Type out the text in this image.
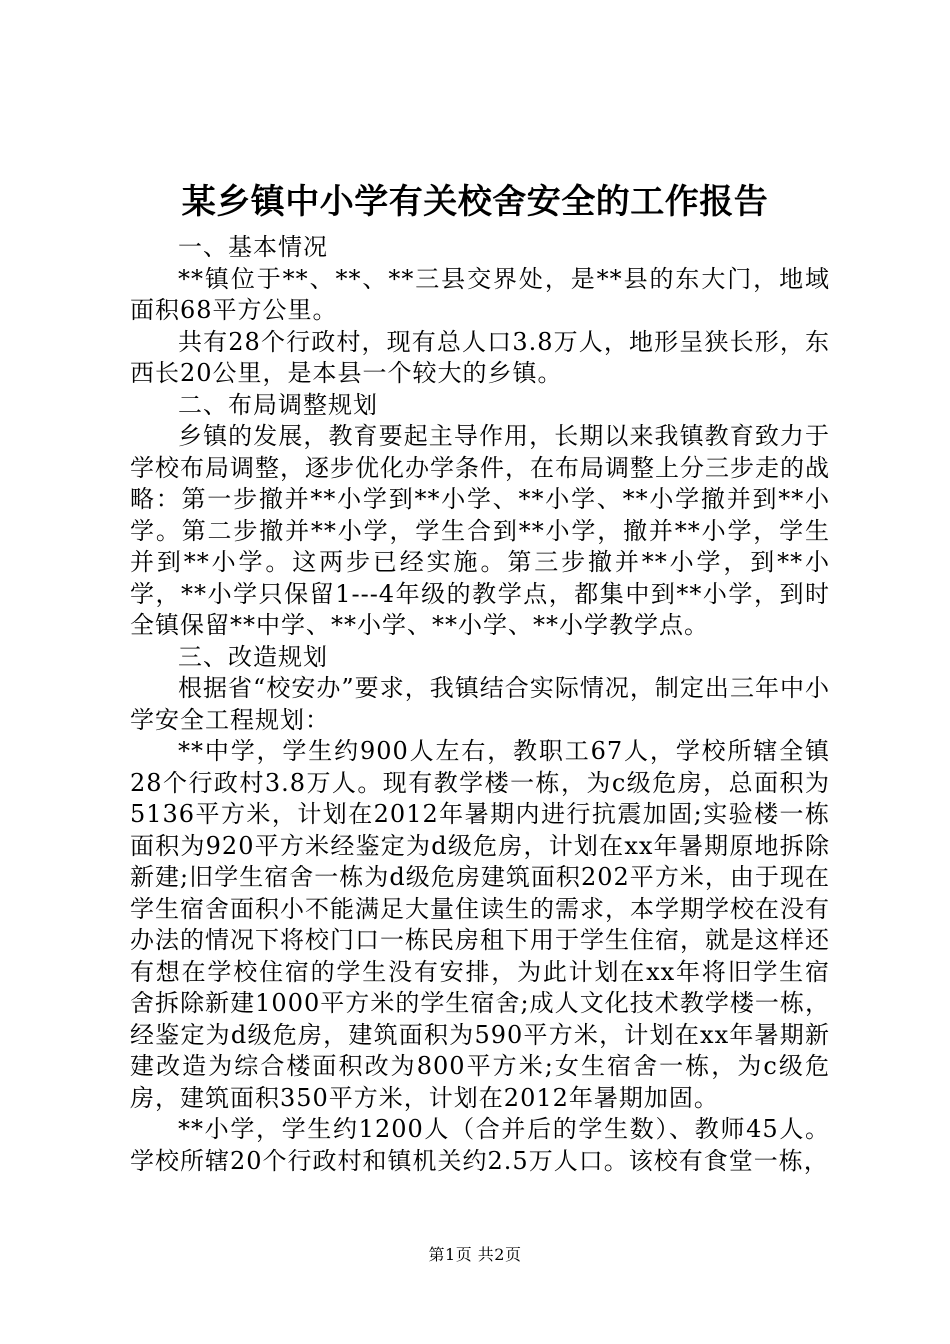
某乡镇中小学有关校舍安全的工作报告

一、基本情况

**镇位于**、**、**三县交界处，是**县的东大门，地域面积68平方公里。

共有28个行政村，现有总人口3.8万人，地形呈狭长形，东西长20公里，是本县一个较大的乡镇。

二、布局调整规划

乡镇的发展，教育要起主导作用，长期以来我镇教育致力于学校布局调整，逐步优化办学条件，在布局调整上分三步走的战略：第一步撤并**小学到**小学、**小学、**小学撤并到**小学。第二步撤并**小学，学生合到**小学，撤并**小学，学生并到**小学。这两步已经实施。第三步撤并**小学，到**小学，**小学只保留1---4年级的教学点，都集中到**小学，到时全镇保留**中学、**小学、**小学、**小学教学点。

三、改造规划

根据省“校安办”要求，我镇结合实际情况，制定出三年中小学安全工程规划：

**中学，学生约900人左右，教职工67人，学校所辖全镇28个行政村3.8万人。现有教学楼一栋，为c级危房，总面积为5136平方米，计划在2012年暑期内进行抗震加固;实验楼一栋面积为920平方米经鉴定为d级危房，计划在xx年暑期原地拆除新建;旧学生宿舍一栋为d级危房建筑面积202平方米，由于现在学生宿舍面积小不能满足大量住读生的需求，本学期学校在没有办法的情况下将校门口一栋民房租下用于学生住宿，就是这样还有想在学校住宿的学生没有安排，为此计划在xx年将旧学生宿舍拆除新建1000平方米的学生宿舍;成人文化技术教学楼一栋，经鉴定为d级危房，建筑面积为590平方米，计划在xx年暑期新建改造为综合楼面积改为800平方米;女生宿舍一栋，为c级危房，建筑面积350平方米，计划在2012年暑期加固。

**小学，学生约1200人（合并后的学生数）、教师45人。学校所辖20个行政村和镇机关约2.5万人口。该校有食堂一栋，

第1页 共2页
